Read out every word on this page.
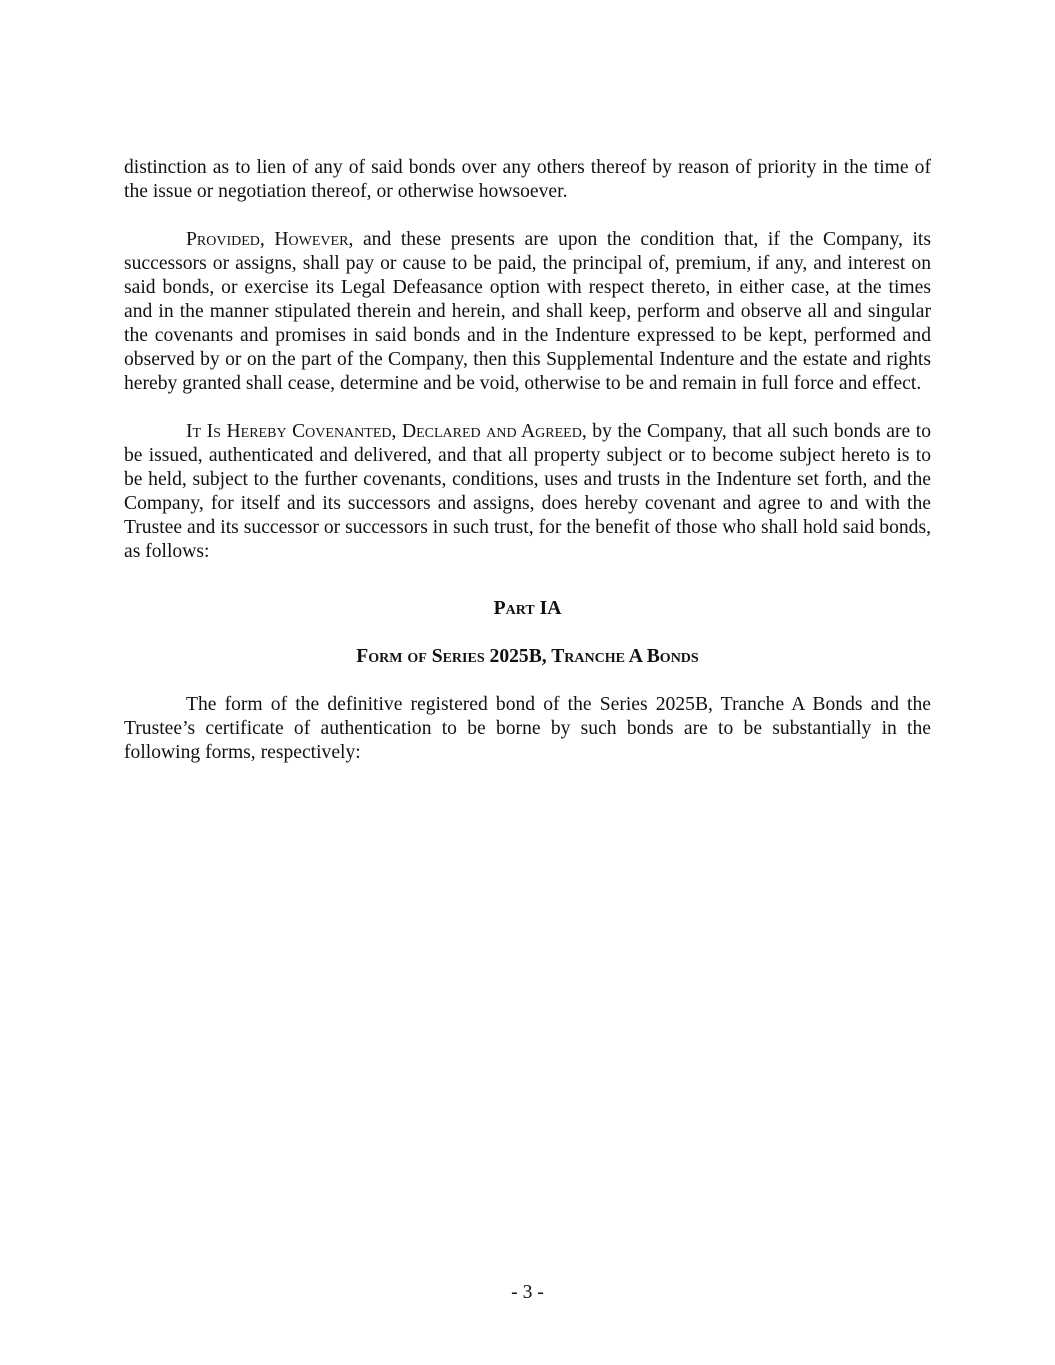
distinction as to lien of any of said bonds over any others thereof by reason of priority in the time of the issue or negotiation thereof, or otherwise howsoever.

Provided, However, and these presents are upon the condition that, if the Company, its successors or assigns, shall pay or cause to be paid, the principal of, premium, if any, and interest on said bonds, or exercise its Legal Defeasance option with respect thereto, in either case, at the times and in the manner stipulated therein and herein, and shall keep, perform and observe all and singular the covenants and promises in said bonds and in the Indenture expressed to be kept, performed and observed by or on the part of the Company, then this Supplemental Indenture and the estate and rights hereby granted shall cease, determine and be void, otherwise to be and remain in full force and effect.

It Is Hereby Covenanted, Declared and Agreed, by the Company, that all such bonds are to be issued, authenticated and delivered, and that all property subject or to become subject hereto is to be held, subject to the further covenants, conditions, uses and trusts in the Indenture set forth, and the Company, for itself and its successors and assigns, does hereby covenant and agree to and with the Trustee and its successor or successors in such trust, for the benefit of those who shall hold said bonds, as follows:

Part IA
Form of Series 2025B, Tranche A Bonds

The form of the definitive registered bond of the Series 2025B, Tranche A Bonds and the Trustee’s certificate of authentication to be borne by such bonds are to be substantially in the following forms, respectively:

- 3 -
